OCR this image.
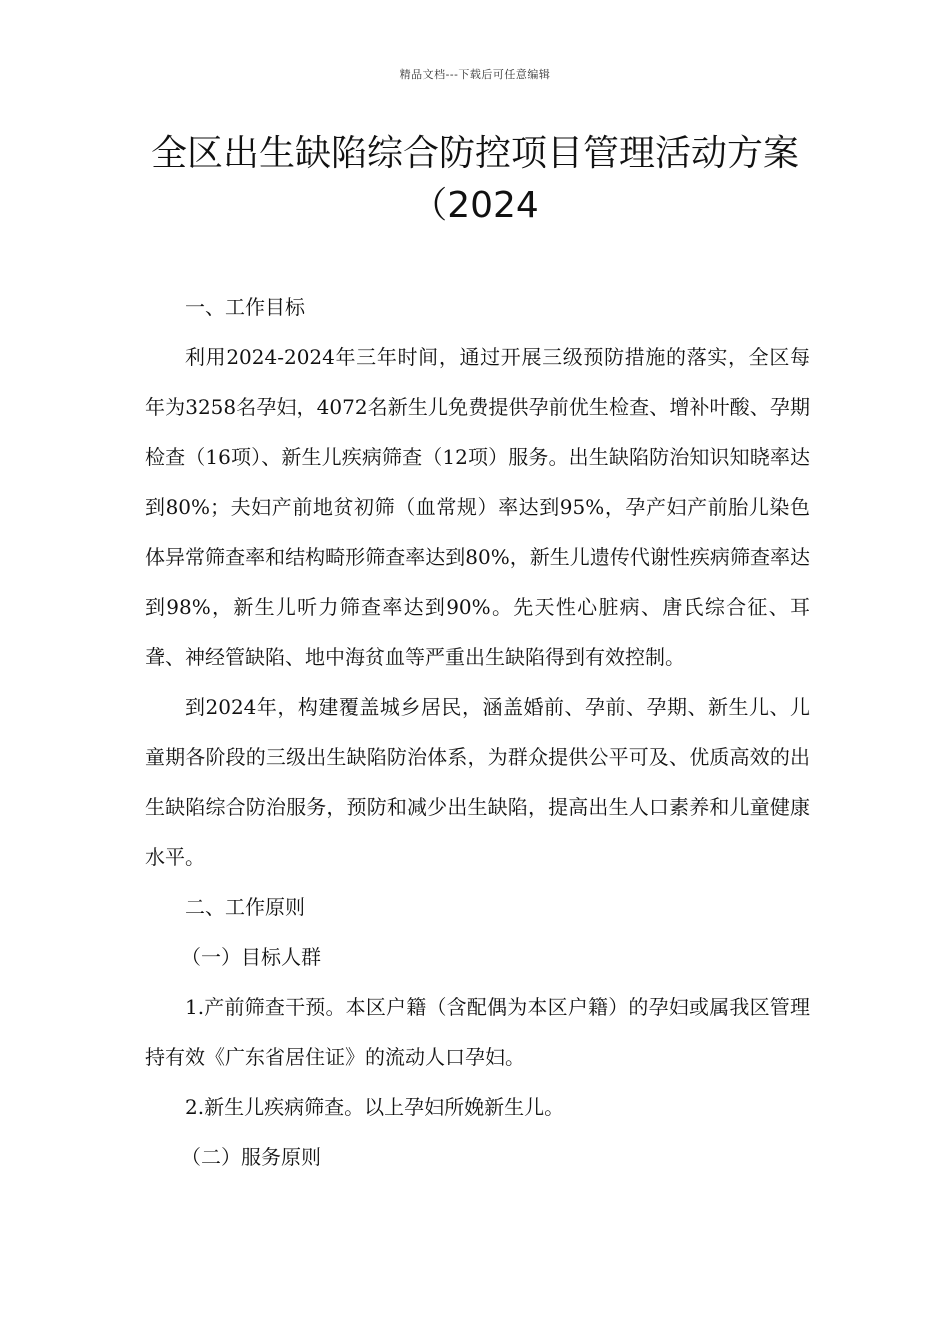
精品文档---下载后可任意编辑
全区出生缺陷综合防控项目管理活动方案（2024

一、工作目标

利用2024-2024年三年时间，通过开展三级预防措施的落实，全区每年为3258名孕妇，4072名新生儿免费提供孕前优生检查、增补叶酸、孕期检查（16项）、新生儿疾病筛查（12项）服务。出生缺陷防治知识知晓率达到80%；夫妇产前地贫初筛（血常规）率达到95%，孕产妇产前胎儿染色体异常筛查率和结构畸形筛查率达到80%，新生儿遗传代谢性疾病筛查率达到98%，新生儿听力筛查率达到90%。先天性心脏病、唐氏综合征、耳聋、神经管缺陷、地中海贫血等严重出生缺陷得到有效控制。

到2024年，构建覆盖城乡居民，涵盖婚前、孕前、孕期、新生儿、儿童期各阶段的三级出生缺陷防治体系，为群众提供公平可及、优质高效的出生缺陷综合防治服务，预防和减少出生缺陷，提高出生人口素养和儿童健康水平。

二、工作原则

（一）目标人群

1.产前筛查干预。本区户籍（含配偶为本区户籍）的孕妇或属我区管理持有效《广东省居住证》的流动人口孕妇。

2.新生儿疾病筛查。以上孕妇所娩新生儿。

（二）服务原则
